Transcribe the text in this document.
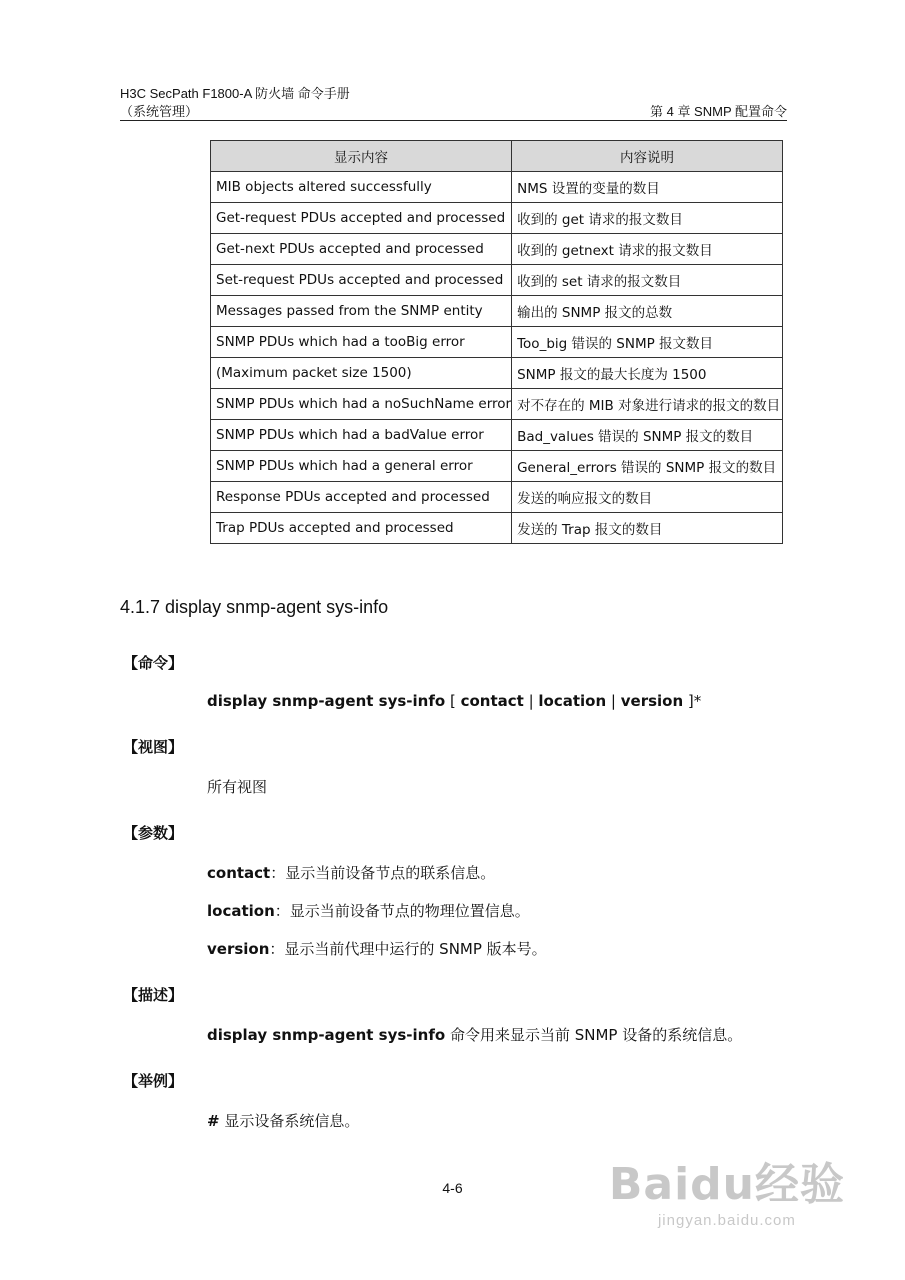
H3C SecPath F1800-A 防火墙 命令手册
（系统管理）	第 4 章 SNMP 配置命令
显示内容	内容说明
MIB objects altered successfully	NMS 设置的变量的数目
Get-request PDUs accepted and processed	收到的 get 请求的报文数目
Get-next PDUs accepted and processed	收到的 getnext 请求的报文数目
Set-request PDUs accepted and processed	收到的 set 请求的报文数目
Messages passed from the SNMP entity	输出的 SNMP 报文的总数
SNMP PDUs which had a tooBig error	Too_big 错误的 SNMP 报文数目
(Maximum packet size 1500)	SNMP 报文的最大长度为 1500
SNMP PDUs which had a noSuchName error	对不存在的 MIB 对象进行请求的报文的数目
SNMP PDUs which had a badValue error	Bad_values 错误的 SNMP 报文的数目
SNMP PDUs which had a general error	General_errors 错误的 SNMP 报文的数目
Response PDUs accepted and processed	发送的响应报文的数目
Trap PDUs accepted and processed	发送的 Trap 报文的数目
4.1.7 display snmp-agent sys-info
【命令】
display snmp-agent sys-info [ contact | location | version ]*
【视图】
所有视图
【参数】
contact：显示当前设备节点的联系信息。
location：显示当前设备节点的物理位置信息。
version：显示当前代理中运行的 SNMP 版本号。
【描述】
display snmp-agent sys-info 命令用来显示当前 SNMP 设备的系统信息。
【举例】
# 显示设备系统信息。
4-6	Baidu经验
jingyan.baidu.com
